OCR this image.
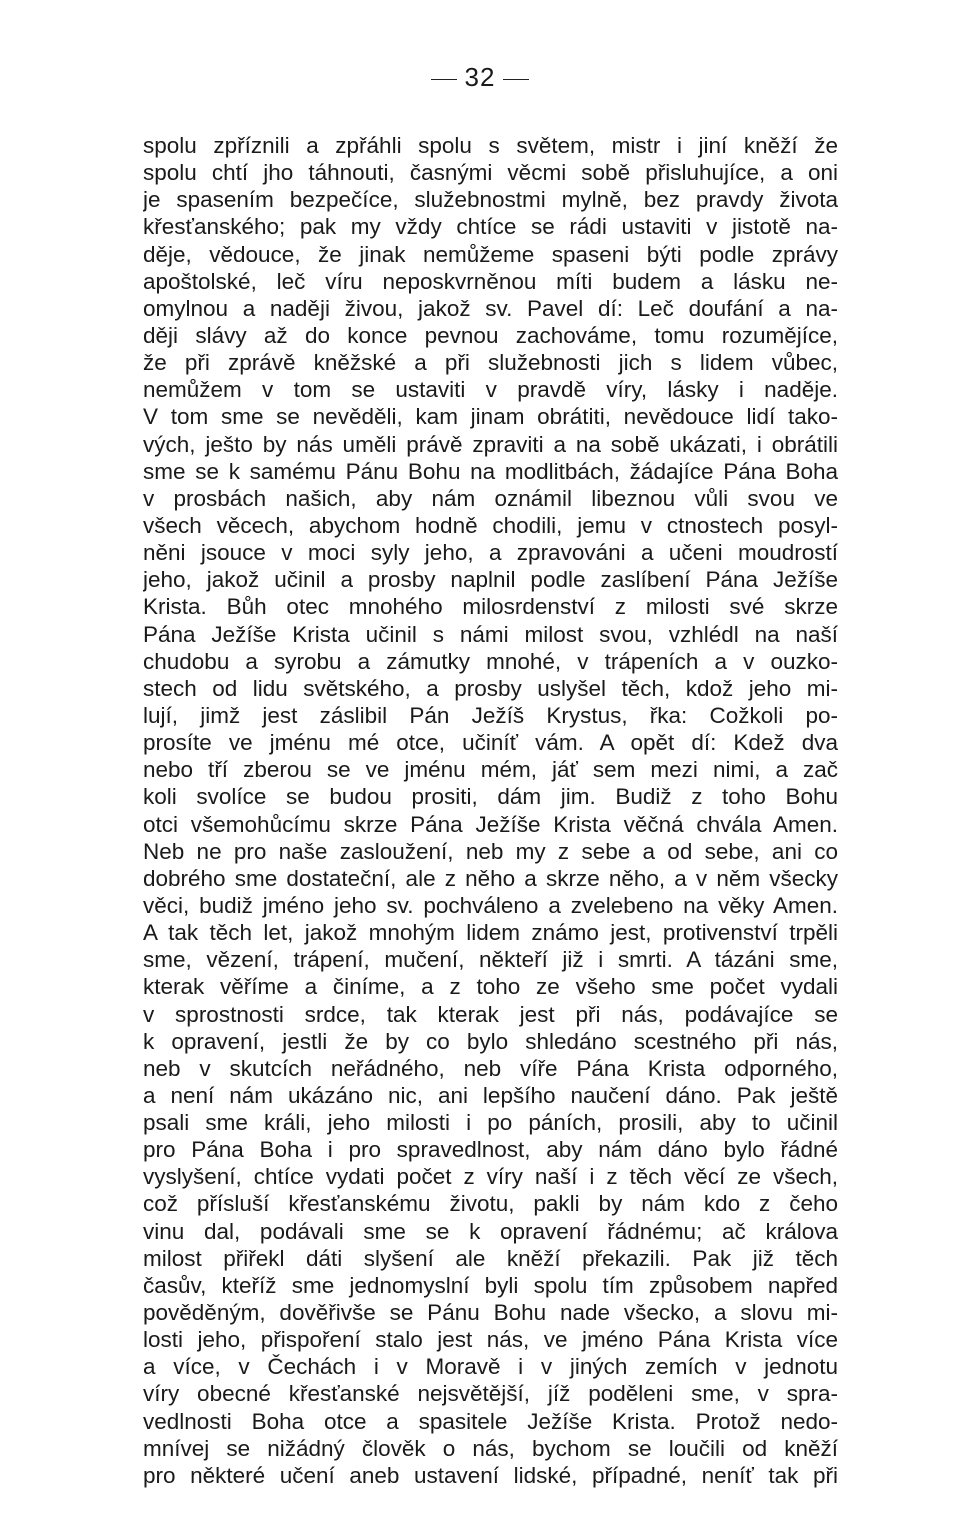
32
spolu zpříznili a zpřáhli spolu s světem, mistr i jiní kněží že
spolu chtí jho táhnouti, časnými věcmi sobě přisluhujíce, a oni
je spasením bezpečíce, služebnostmi mylně, bez pravdy života
křesťanského; pak my vždy chtíce se rádi ustaviti v jistotě na-
děje, vědouce, že jinak nemůžeme spaseni býti podle zprávy
apoštolské, leč víru neposkvrněnou míti budem a lásku ne-
omylnou a naději živou, jakož sv. Pavel dí: Leč doufání a na-
ději slávy až do konce pevnou zachováme, tomu rozumějíce,
že při zprávě kněžské a při služebnosti jich s lidem vůbec,
nemůžem v tom se ustaviti v pravdě víry, lásky i naděje.
V tom sme se nevěděli, kam jinam obrátiti, nevědouce lidí tako-
vých, ješto by nás uměli právě zpraviti a na sobě ukázati, i obrátili
sme se k samému Pánu Bohu na modlitbách, žádajíce Pána Boha
v prosbách našich, aby nám oznámil libeznou vůli svou ve
všech věcech, abychom hodně chodili, jemu v ctnostech posyl-
něni jsouce v moci syly jeho, a zpravováni a učeni moudrostí
jeho, jakož učinil a prosby naplnil podle zaslíbení Pána Ježíše
Krista. Bůh otec mnohého milosrdenství z milosti své skrze
Pána Ježíše Krista učinil s námi milost svou, vzhlédl na naší
chudobu a syrobu a zámutky mnohé, v trápeních a v ouzko-
stech od lidu světského, a prosby uslyšel těch, kdož jeho mi-
lují, jimž jest záslibil Pán Ježíš Krystus, řka: Cožkoli po-
prosíte ve jménu mé otce, učiníť vám. A opět dí: Kdež dva
nebo tří zberou se ve jménu mém, jáť sem mezi nimi, a zač
koli svolíce se budou prositi, dám jim. Budiž z toho Bohu
otci všemohůcímu skrze Pána Ježíše Krista věčná chvála Amen.
Neb ne pro naše zasloužení, neb my z sebe a od sebe, ani co
dobrého sme dostateční, ale z něho a skrze něho, a v něm všecky
věci, budiž jméno jeho sv. pochváleno a zvelebeno na věky Amen.
A tak těch let, jakož mnohým lidem známo jest, protivenství trpěli
sme, vězení, trápení, mučení, někteří již i smrti. A tázáni sme,
kterak věříme a činíme, a z toho ze všeho sme počet vydali
v sprostnosti srdce, tak kterak jest při nás, podávajíce se
k opravení, jestli že by co bylo shledáno scestného při nás,
neb v skutcích neřádného, neb víře Pána Krista odporného,
a není nám ukázáno nic, ani lepšího naučení dáno. Pak ještě
psali sme králi, jeho milosti i po páních, prosili, aby to učinil
pro Pána Boha i pro spravedlnost, aby nám dáno bylo řádné
vyslyšení, chtíce vydati počet z víry naší i z těch věcí ze všech,
což přísluší křesťanskému životu, pakli by nám kdo z čeho
vinu dal, podávali sme se k opravení řádnému; ač králova
milost přiřekl dáti slyšení ale kněží překazili. Pak již těch
časův, kteříž sme jednomyslní byli spolu tím způsobem napřed
pověděným, dověřivše se Pánu Bohu nade všecko, a slovu mi-
losti jeho, přispoření stalo jest nás, ve jméno Pána Krista více
a více, v Čechách i v Moravě i v jiných zemích v jednotu
víry obecné křesťanské nejsvětější, jíž poděleni sme, v spra-
vedlnosti Boha otce a spasitele Ježíše Krista. Protož nedo-
mnívej se nižádný člověk o nás, bychom se loučili od kněží
pro některé učení aneb ustavení lidské, případné, neníť tak při
